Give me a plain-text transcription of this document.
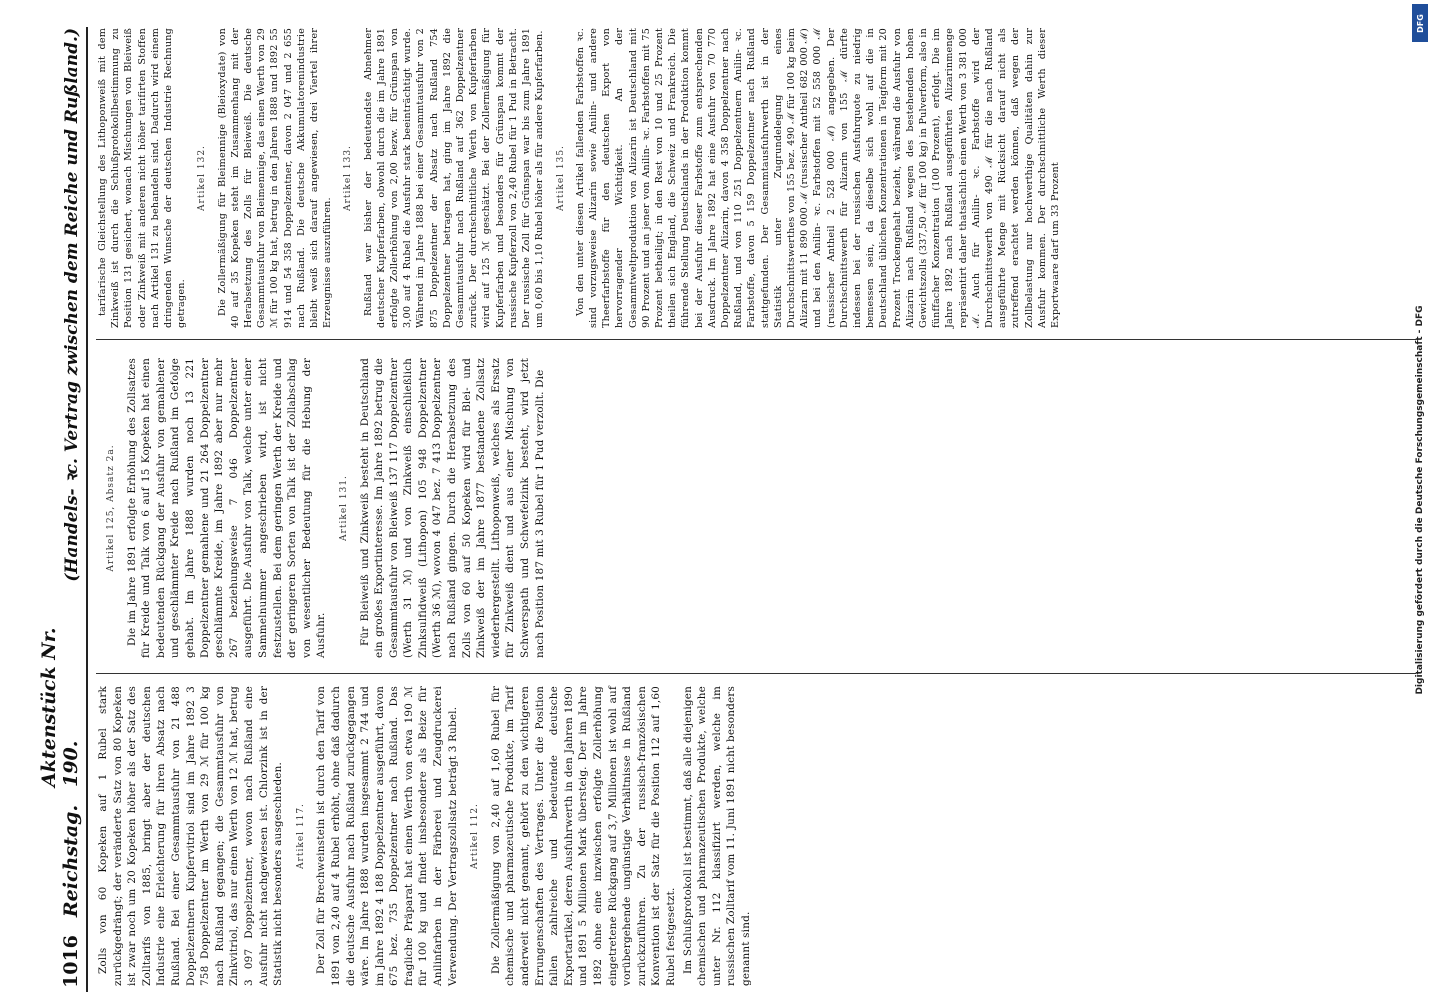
1016
Reichstag.
Aktenstück Nr. 190.
(Handels- ꝛc. Vertrag zwischen dem Reiche und Rußland.)

Zolls von 60 Kopeken auf 1 Rubel stark zurückgedrängt; der veränderte Satz von 80 Kopeken ist zwar noch um 20 Kopeken höher als der Satz des Zolltarifs von 1885, bringt aber der deutschen Industrie eine Erleichterung für ihren Absatz nach Rußland. Bei einer Gesammtausfuhr von 21 488 Doppelzentnern Kupfervitriol sind im Jahre 1892 3 758 Doppelzentner im Werth von 29 ℳ für 100 kg nach Rußland gegangen; die Gesammtausfuhr von Zinkvitriol, das nur einen Werth von 12 ℳ hat, betrug 3 097 Doppelzentner, wovon nach Rußland eine Ausfuhr nicht nachgewiesen ist. Chlorzink ist in der Statistik nicht besonders ausgeschieden. Artikel 117. Der Zoll für Brechweinstein ist durch den Tarif von 1891 von 2,40 auf 4 Rubel erhöht, ohne daß dadurch die deutsche Ausfuhr nach Rußland zurückgegangen wäre. Im Jahre 1888 wurden insgesammt 2 744 und im Jahre 1892 4 188 Doppelzentner ausgeführt, davon 675 bez. 735 Doppelzentner nach Rußland. Das fragliche Präparat hat einen Werth von etwa 190 ℳ für 100 kg und findet insbesondere als Beize für Anilinfarben in der Färberei und Zeugdruckerei Verwendung. Der Vertragszollsatz beträgt 3 Rubel. Artikel 112. Die Zollermäßigung von 2,40 auf 1,60 Rubel für chemische und pharmazeutische Produkte, im Tarif anderweit nicht genannt, gehört zu den wichtigeren Errungenschaften des Vertrages. Unter die Position fallen zahlreiche und bedeutende deutsche Exportartikel, deren Ausfuhrwerth in den Jahren 1890 und 1891 5 Millionen Mark übersteig. Der im Jahre 1892 ohne eine inzwischen erfolgte Zollerhöhung eingetretene Rückgang auf 3,7 Millionen ist wohl auf vorübergehende ungünstige Verhältnisse in Rußland zurückzuführen. Zu der russisch-französischen Konvention ist der Satz für die Position 112 auf 1,60 Rubel festgesetzt. Im Schlußprotokoll ist bestimmt, daß alle diejenigen chemischen und pharmazeutischen Produkte, welche unter Nr. 112 klassifizirt werden, welche im russischen Zolltarif vom 11. Juni 1891 nicht besonders genannt sind.

Artikel 125, Absatz 2a. Die im Jahre 1891 erfolgte Erhöhung des Zollsatzes für Kreide und Talk von 6 auf 15 Kopeken hat einen bedeutenden Rückgang der Ausfuhr von gemahlener und geschlämmter Kreide nach Rußland im Gefolge gehabt. Im Jahre 1888 wurden noch 13 221 Doppelzentner gemahlene und 21 264 Doppelzentner geschlämmte Kreide, im Jahre 1892 aber nur mehr 267 beziehungsweise 7 046 Doppelzentner ausgeführt. Die Ausfuhr von Talk, welche unter einer Sammelnummer angeschrieben wird, ist nicht festzustellen. Bei dem geringen Werth der Kreide und der geringeren Sorten von Talk ist der Zollabschlag von wesentlicher Bedeutung für die Hebung der Ausfuhr.

Artikel 131. Für Bleiweiß und Zinkweiß besteht in Deutschland ein großes Exportinteresse. Im Jahre 1892 betrug die Gesammtausfuhr von Bleiweiß 137 117 Doppelzentner (Werth 31 ℳ) und von Zinkweiß einschließlich Zinksulfidweiß (Lithopon) 105 948 Doppelzentner (Werth 36 ℳ), wovon 4 047 bez. 7 413 Doppelzentner nach Rußland gingen. Durch die Herabsetzung des Zolls von 60 auf 50 Kopeken wird für Blei- und Zinkweiß der im Jahre 1877 bestandene Zollsatz wiederhergestellt. Lithoponweiß, welches als Ersatz für Zinkweiß dient und aus einer Mischung von Schwerspath und Schwefelzink besteht, wird jetzt nach Position 187 mit 3 Rubel für 1 Pud verzollt. Die

tarifarische Gleichstellung des Lithoponweiß mit dem Zinkweiß ist durch die Schlußprotokollbestimmung zu Position 131 gesichert, wonach Mischungen von Bleiweiß oder Zinkweiß mit anderen nicht höher tarifirten Stoffen nach Artikel 131 zu behandeln sind. Dadurch wird einem dringenden Wunsche der deutschen Industrie Rechnung getragen.

Artikel 132. Die Zollermäßigung für Bleimennige (Bleioxydate) von 40 auf 35 Kopeken steht im Zusammenhang mit der Herabsetzung des Zolls für Bleiweiß. Die deutsche Gesammtausfuhr von Bleimennige, das einen Werth von 29 ℳ für 100 kg hat, betrug in den Jahren 1888 und 1892 55 914 und 54 358 Doppelzentner, davon 2 047 und 2 655 nach Rußland. Die deutsche Akkumulatorenindustrie bleibt weiß sich darauf angewiesen, drei Viertel ihrer Erzeugnisse auszuführen.

Artikel 133. Rußland war bisher der bedeutendste Abnehmer deutscher Kupferfarben, obwohl durch die im Jahre 1891 erfolgte Zollerhöhung von 2,00 bezw. für Grünspan von 3,00 auf 4 Rubel die Ausfuhr stark beeinträchtigt wurde. Während im Jahre 1888 bei einer Gesammtausfuhr von 2 875 Doppelzentner der Absatz nach Rußland 754 Doppelzentner betragen hat, ging im Jahre 1892 die Gesammtausfuhr nach Rußland auf 362 Doppelzentner zurück. Der durchschnittliche Werth von Kupferfarben wird auf 125 ℳ geschätzt. Bei der Zollermäßigung für Kupferfarben und besonders für Grünspan kommt der russische Kupferzoll von 2,40 Rubel für 1 Pud in Betracht. Der russische Zoll für Grünspan war bis zum Jahre 1891 um 0,60 bis 1,10 Rubel höher als für andere Kupferfarben. Artikel 135. Von den unter diesen Artikel fallenden Farbstoffen ꝛc. sind vorzugsweise Alizarin sowie Anilin- und andere Theerfarbstoffe für den deutschen Export von hervorragender Wichtigkeit. An der Gesammtweltproduktion von Alizarin ist Deutschland mit 90 Prozent und an jener von Anilin- ꝛc. Farbstoffen mit 75 Prozent betheiligt; in den Rest von 10 und 25 Prozent theilen sich England, die Schweiz und Frankreich. Die führende Stellung Deutschlands in der Produktion kommt bei der Ausfuhr dieser Farbstoffe zum entsprechenden Ausdruck. Im Jahre 1892 hat eine Ausfuhr von 70 770 Doppelzentner Alizarin, davon 4 358 Doppelzentner nach Rußland, und von 110 251 Doppelzentnern Anilin- ꝛc. Farbstoffe, davon 5 159 Doppelzentner nach Rußland stattgefunden. Der Gesammtausfuhrwerth ist in der Statistik unter Zugrundelegung eines Durchschnittswerthes von 155 bez. 490 ℳ für 100 kg beim Alizarin mit 11 890 000 ℳ (russischer Antheil 682 000 ℳ) und bei den Anilin- ꝛc. Farbstoffen mit 52 558 000 ℳ (russischer Antheil 2 528 000 ℳ) angegeben. Der Durchschnittswerth für Alizarin von 155 ℳ dürfte indessen bei der russischen Ausfuhrquote zu niedrig bemessen sein, da dieselbe sich wohl auf die in Deutschland üblichen Konzentrationen in Teigform mit 20 Prozent Trockengehalt bezieht, während die Ausfuhr von Alizarin nach Rußland wegen des bestehenden hohen Gewichtszolls (337,50 ℳ für 100 kg) in Pulverform, also in fünffacher Konzentration (100 Prozent), erfolgt. Die im Jahre 1892 nach Rußland ausgeführten Alizarinmenge repräsentirt daher thatsächlich einen Werth von 3 381 000 ℳ. Auch für Anilin- ꝛc. Farbstoffe wird der Durchschnittswerth von 490 ℳ für die nach Rußland ausgeführte Menge mit Rücksicht darauf nicht als zutreffend erachtet werden können, daß wegen der Zollbelastung nur hochwerthige Qualitäten dahin zur Ausfuhr kommen. Der durchschnittliche Werth dieser Exportwaare darf um 33 Prozent

DFG
Digitalisierung gefördert durch die Deutsche Forschungsgemeinschaft - DFG
